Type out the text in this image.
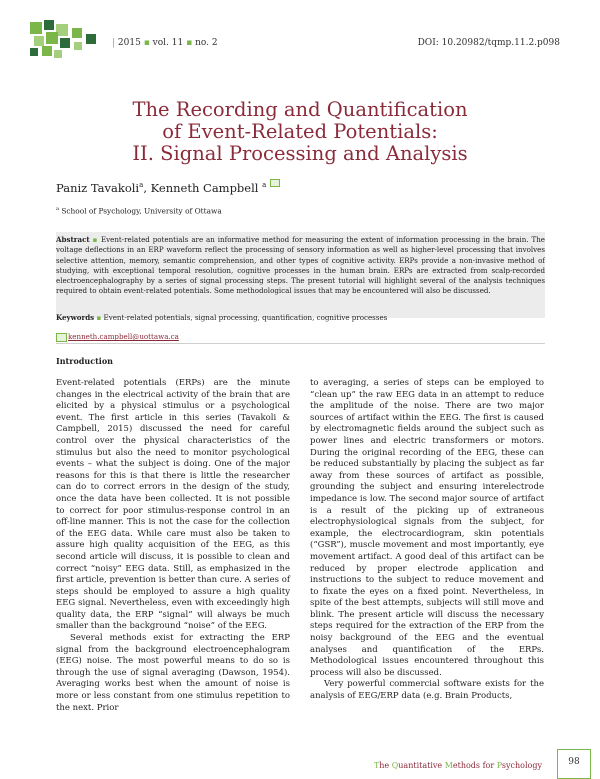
| 2015 ▪ vol. 11 ▪ no. 2	DOI: 10.20982/tqmp.11.2.p098
The Recording and Quantification
of Event-Related Potentials:
II. Signal Processing and Analysis
Paniz Tavakoli$^a$, Kenneth Campbell $^a$
$^a$ School of Psychology, University of Ottawa
Abstract ▪ Event-related potentials are an informative method for measuring the extent of information processing in the brain. The voltage deflections in an ERP waveform reflect the processing of sensory information as well as higher-level processing that involves selective attention, memory, semantic comprehension, and other types of cognitive activity. ERPs provide a non-invasive method of studying, with exceptional temporal resolution, cognitive processes in the human brain. ERPs are extracted from scalp-recorded electroencephalography by a series of signal processing steps. The present tutorial will highlight several of the analysis techniques required to obtain event-related potentials. Some methodological issues that may be encountered will also be discussed.
Keywords ▪ Event-related potentials, signal processing, quantification, cognitive processes
kenneth.campbell@uottawa.ca
Introduction

Event-related potentials (ERPs) are the minute changes in the electrical activity of the brain that are elicited by a physical stimulus or a psychological event. The first article in this series (Tavakoli & Campbell, 2015) discussed the need for careful control over the physical characteristics of the stimulus but also the need to monitor psychological events – what the subject is doing. One of the major reasons for this is that there is little the researcher can do to correct errors in the design of the study, once the data have been collected. It is not possible to correct for poor stimulus-response control in an off-line manner. This is not the case for the collection of the EEG data. While care must also be taken to assure high quality acquisition of the EEG, as this second article will discuss, it is possible to clean and correct “noisy” EEG data. Still, as emphasized in the first article, prevention is better than cure. A series of steps should be employed to assure a high quality EEG signal. Nevertheless, even with exceedingly high quality data, the ERP “signal” will always be much smaller than the background “noise” of the EEG.

Several methods exist for extracting the ERP signal from the background electroencephalogram (EEG) noise. The most powerful means to do so is through the use of signal averaging (Dawson, 1954). Averaging works best when the amount of noise is more or less constant from one stimulus repetition to the next. Prior

to averaging, a series of steps can be employed to “clean up” the raw EEG data in an attempt to reduce the amplitude of the noise. There are two major sources of artifact within the EEG. The first is caused by electromagnetic fields around the subject such as power lines and electric transformers or motors. During the original recording of the EEG, these can be reduced substantially by placing the subject as far away from these sources of artifact as possible, grounding the subject and ensuring interelectrode impedance is low. The second major source of artifact is a result of the picking up of extraneous electrophysiological signals from the subject, for example, the electrocardiogram, skin potentials (“GSR”), muscle movement and most importantly, eye movement artifact. A good deal of this artifact can be reduced by proper electrode application and instructions to the subject to reduce movement and to fixate the eyes on a fixed point. Nevertheless, in spite of the best attempts, subjects will still move and blink. The present article will discuss the necessary steps required for the extraction of the ERP from the noisy background of the EEG and the eventual analyses and quantification of the ERPs. Methodological issues encountered throughout this process will also be discussed.

Very powerful commercial software exists for the analysis of EEG/ERP data (e.g. Brain Products,

The Quantitative Methods for Psychology	98
